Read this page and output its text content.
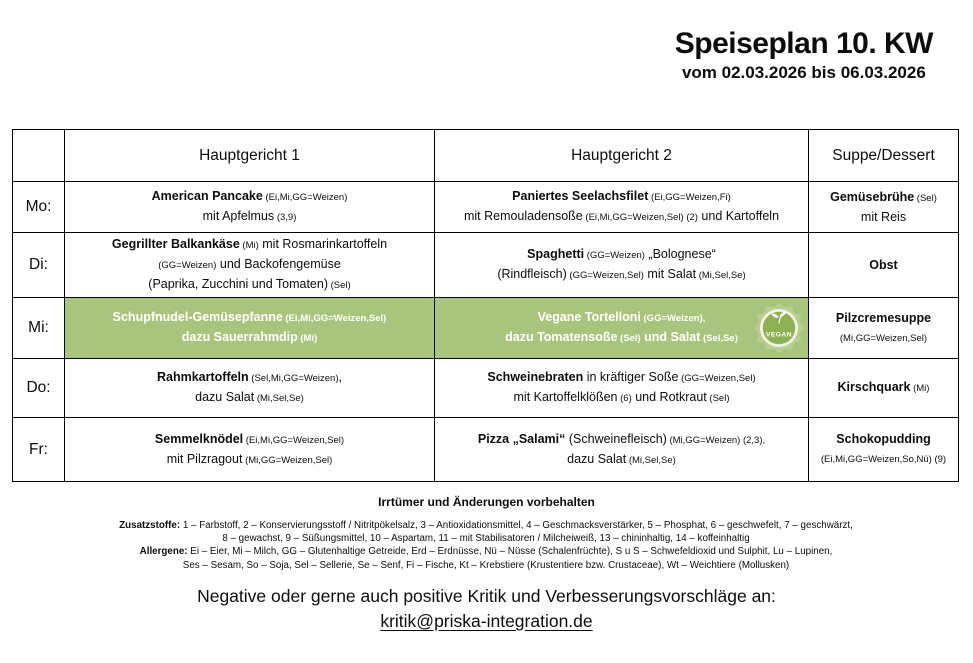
Speiseplan 10. KW
vom 02.03.2026 bis 06.03.2026
	Hauptgericht 1	Hauptgericht 2	Suppe/Dessert
Mo:	
American Pancake (Ei,Mi,GG=Weizen)
mit Apfelmus (3,9)

Paniertes Seelachsfilet (Ei,GG=Weizen,Fi)
mit Remouladensoße (Ei,Mi,GG=Weizen,Sel) (2) und Kartoffeln

Gemüsebrühe (Sel)
mit Reis

Di:	
Gegrillter Balkankäse (Mi) mit Rosmarinkartoffeln
(GG=Weizen) und Backofengemüse
(Paprika, Zucchini und Tomaten) (Sel)

Spaghetti (GG=Weizen) „Bolognese“
(Rindfleisch) (GG=Weizen,Sel) mit Salat (Mi,Sel,Se)

Obst

Mi:	
Schupfnudel-Gemüsepfanne (Ei,Mi,GG=Weizen,Sel)
dazu Sauerrahmdip (Mi)

Vegane Tortelloni (GG=Weizen),
dazu Tomatensoße (Sel) und Salat (Sel,Se)	VEGAN

Pilzcremesuppe
(Mi,GG=Weizen,Sel)

Do:	
Rahmkartoffeln (Sel,Mi,GG=Weizen),
dazu Salat (Mi,Sel,Se)

Schweinebraten in kräftiger Soße (GG=Weizen,Sel)
mit Kartoffelklößen (6) und Rotkraut (Sel)

Kirschquark (Mi)

Fr:	
Semmelknödel (Ei,Mi,GG=Weizen,Sel)
mit Pilzragout (Mi,GG=Weizen,Sel)

Pizza „Salami“ (Schweinefleisch) (Mi,GG=Weizen) (2,3),
dazu Salat (Mi,Sel,Se)

Schokopudding
(Ei,Mi,GG=Weizen,So,Nü) (9)
Irrtümer und Änderungen vorbehalten
Zusatzstoffe: 1 – Farbstoff, 2 – Konservierungsstoff / Nitritpökelsalz, 3 – Antioxidationsmittel, 4 – Geschmacksverstärker, 5 – Phosphat, 6 – geschwefelt, 7 – geschwärzt,
8 – gewachst, 9 – Süßungsmittel, 10 – Aspartam, 11 – mit Stabilisatoren / Milcheiweiß, 13 – chininhaltig, 14 – koffeinhaltig
Allergene: Ei – Eier, Mi – Milch, GG – Glutenhaltige Getreide, Erd – Erdnüsse, Nü – Nüsse (Schalenfrüchte), S u S – Schwefeldioxid und Sulphit, Lu – Lupinen,
Ses – Sesam, So – Soja, Sel – Sellerie, Se – Senf, Fi – Fische, Kt – Krebstiere (Krustentiere bzw. Crustaceae), Wt – Weichtiere (Mollusken)
Negative oder gerne auch positive Kritik und Verbesserungsvorschläge an:
kritik@priska-integration.de
